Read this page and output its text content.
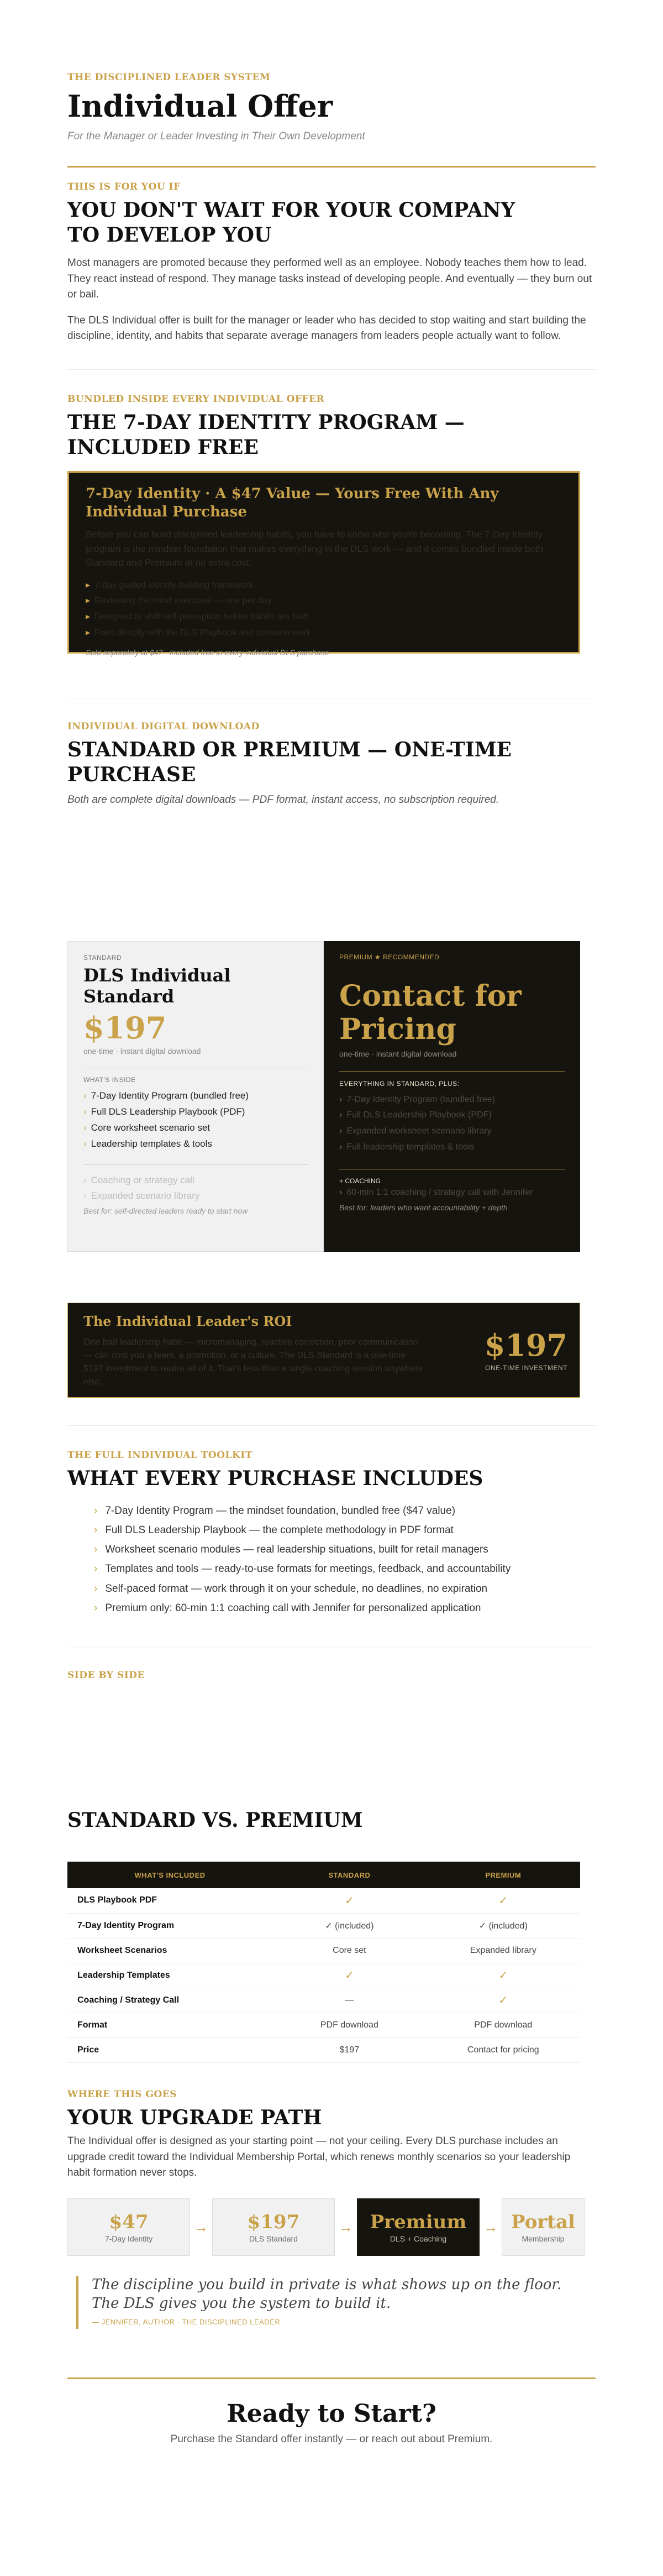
THE DISCIPLINED LEADER SYSTEM
Individual Offer
For the Manager or Leader Investing in Their Own Development
THIS IS FOR YOU IF
YOU DON'T WAIT FOR YOUR COMPANY TO DEVELOP YOU

Most managers are promoted because they performed well as an employee. Nobody teaches them how to lead. They react instead of respond. They manage tasks instead of developing people. And eventually — they burn out or bail.

The DLS Individual offer is built for the manager or leader who has decided to stop waiting and start building the discipline, identity, and habits that separate average managers from leaders people actually want to follow.

BUNDLED INSIDE EVERY INDIVIDUAL OFFER
THE 7-DAY IDENTITY PROGRAM — INCLUDED FREE
7-Day Identity · A $47 Value — Yours Free With Any Individual Purchase

Before you can build disciplined leadership habits, you have to know who you're becoming. The 7-Day Identity program is the mindset foundation that makes everything in the DLS work — and it comes bundled inside both Standard and Premium at no extra cost.

▸ 7-day guided identity-building framework
▸ Reviewing the mind exercises — one per day
▸ Designed to shift self-perception before habits are built
▸ Pairs directly with the DLS Playbook and scenario work
Sold separately at $47 · Included free in every individual DLS purchase
INDIVIDUAL DIGITAL DOWNLOAD
STANDARD OR PREMIUM — ONE-TIME PURCHASE
Both are complete digital downloads — PDF format, instant access, no subscription required.
STANDARD
DLS Individual Standard
$197
one-time · instant digital download
WHAT'S INSIDE
› 7-Day Identity Program (bundled free)
› Full DLS Leadership Playbook (PDF)
› Core worksheet scenario set
› Leadership templates & tools
› Coaching or strategy call
› Expanded scenario library
Best for: self-directed leaders ready to start now
PREMIUM ★ RECOMMENDED
Contact for Pricing
one-time · instant digital download
EVERYTHING IN STANDARD, PLUS:
› 7-Day Identity Program (bundled free)
› Full DLS Leadership Playbook (PDF)
› Expanded worksheet scenario library
› Full leadership templates & tools
+ COACHING
› 60-min 1:1 coaching / strategy call with Jennifer
Best for: leaders who want accountability + depth
The Individual Leader's ROI

One bad leadership habit — micromanaging, reactive correction, poor communication — can cost you a team, a promotion, or a culture. The DLS Standard is a one-time $197 investment to rewire all of it. That's less than a single coaching session anywhere else.

$197
ONE-TIME INVESTMENT
THE FULL INDIVIDUAL TOOLKIT
WHAT EVERY PURCHASE INCLUDES
› 7-Day Identity Program — the mindset foundation, bundled free ($47 value)
› Full DLS Leadership Playbook — the complete methodology in PDF format
› Worksheet scenario modules — real leadership situations, built for retail managers
› Templates and tools — ready-to-use formats for meetings, feedback, and accountability
› Self-paced format — work through it on your schedule, no deadlines, no expiration
› Premium only: 60-min 1:1 coaching call with Jennifer for personalized application
SIDE BY SIDE
STANDARD VS. PREMIUM
WHAT'S INCLUDED	STANDARD	PREMIUM
DLS Playbook PDF	✓	✓
7-Day Identity Program	✓ (included)	✓ (included)
Worksheet Scenarios	Core set	Expanded library
Leadership Templates	✓	✓
Coaching / Strategy Call	—	✓
Format	PDF download	PDF download
Price	$197	Contact for pricing
WHERE THIS GOES
YOUR UPGRADE PATH

The Individual offer is designed as your starting point — not your ceiling. Every DLS purchase includes an upgrade credit toward the Individual Membership Portal, which renews monthly scenarios so your leadership habit formation never stops.

$47
7-Day Identity
→ $197
DLS Standard
→ Premium
DLS + Coaching
→ Portal
Membership
The discipline you build in private is what shows up on the floor. The DLS gives you the system to build it.
— JENNIFER, AUTHOR · THE DISCIPLINED LEADER
Ready to Start?
Purchase the Standard offer instantly — or reach out about Premium.
